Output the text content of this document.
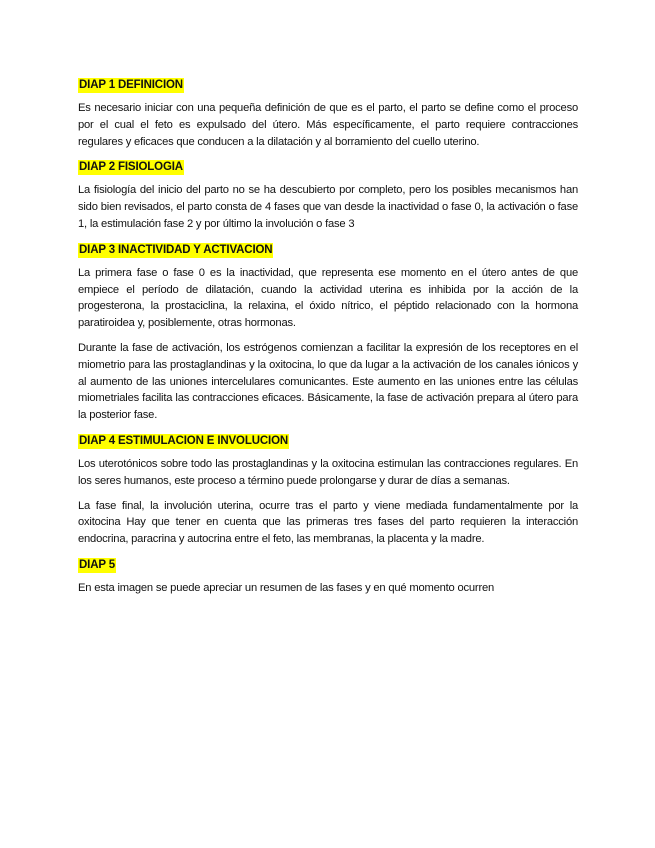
DIAP 1 DEFINICION

Es necesario iniciar con una pequeña definición de que es el parto, el parto se define como el proceso por el cual el feto es expulsado del útero. Más específicamente, el parto requiere contracciones regulares y eficaces que conducen a la dilatación y al borramiento del cuello uterino.

DIAP 2 FISIOLOGIA

La fisiología del inicio del parto no se ha descubierto por completo, pero los posibles mecanismos han sido bien revisados, el parto consta de 4 fases que van desde la inactividad o fase 0, la activación o fase 1, la estimulación fase 2 y por último la involución o fase 3

DIAP 3 INACTIVIDAD Y ACTIVACION

La primera fase o fase 0 es la inactividad, que representa ese momento en el útero antes de que empiece el período de dilatación, cuando la actividad uterina es inhibida por la acción de la progesterona, la prostaciclina, la relaxina, el óxido nítrico, el péptido relacionado con la hormona paratiroidea y, posiblemente, otras hormonas.

Durante la fase de activación, los estrógenos comienzan a facilitar la expresión de los receptores en el miometrio para las prostaglandinas y la oxitocina, lo que da lugar a la activación de los canales iónicos y al aumento de las uniones intercelulares comunicantes. Este aumento en las uniones entre las células miometriales facilita las contracciones eficaces. Básicamente, la fase de activación prepara al útero para la posterior fase.

DIAP 4 ESTIMULACION E INVOLUCION

Los uterotónicos sobre todo las prostaglandinas y la oxitocina estimulan las contracciones regulares. En los seres humanos, este proceso a término puede prolongarse y durar de días a semanas.

La fase final, la involución uterina, ocurre tras el parto y viene mediada fundamentalmente por la oxitocina Hay que tener en cuenta que las primeras tres fases del parto requieren la interacción endocrina, paracrina y autocrina entre el feto, las membranas, la placenta y la madre.

DIAP 5

En esta imagen se puede apreciar un resumen de las fases y en qué momento ocurren
